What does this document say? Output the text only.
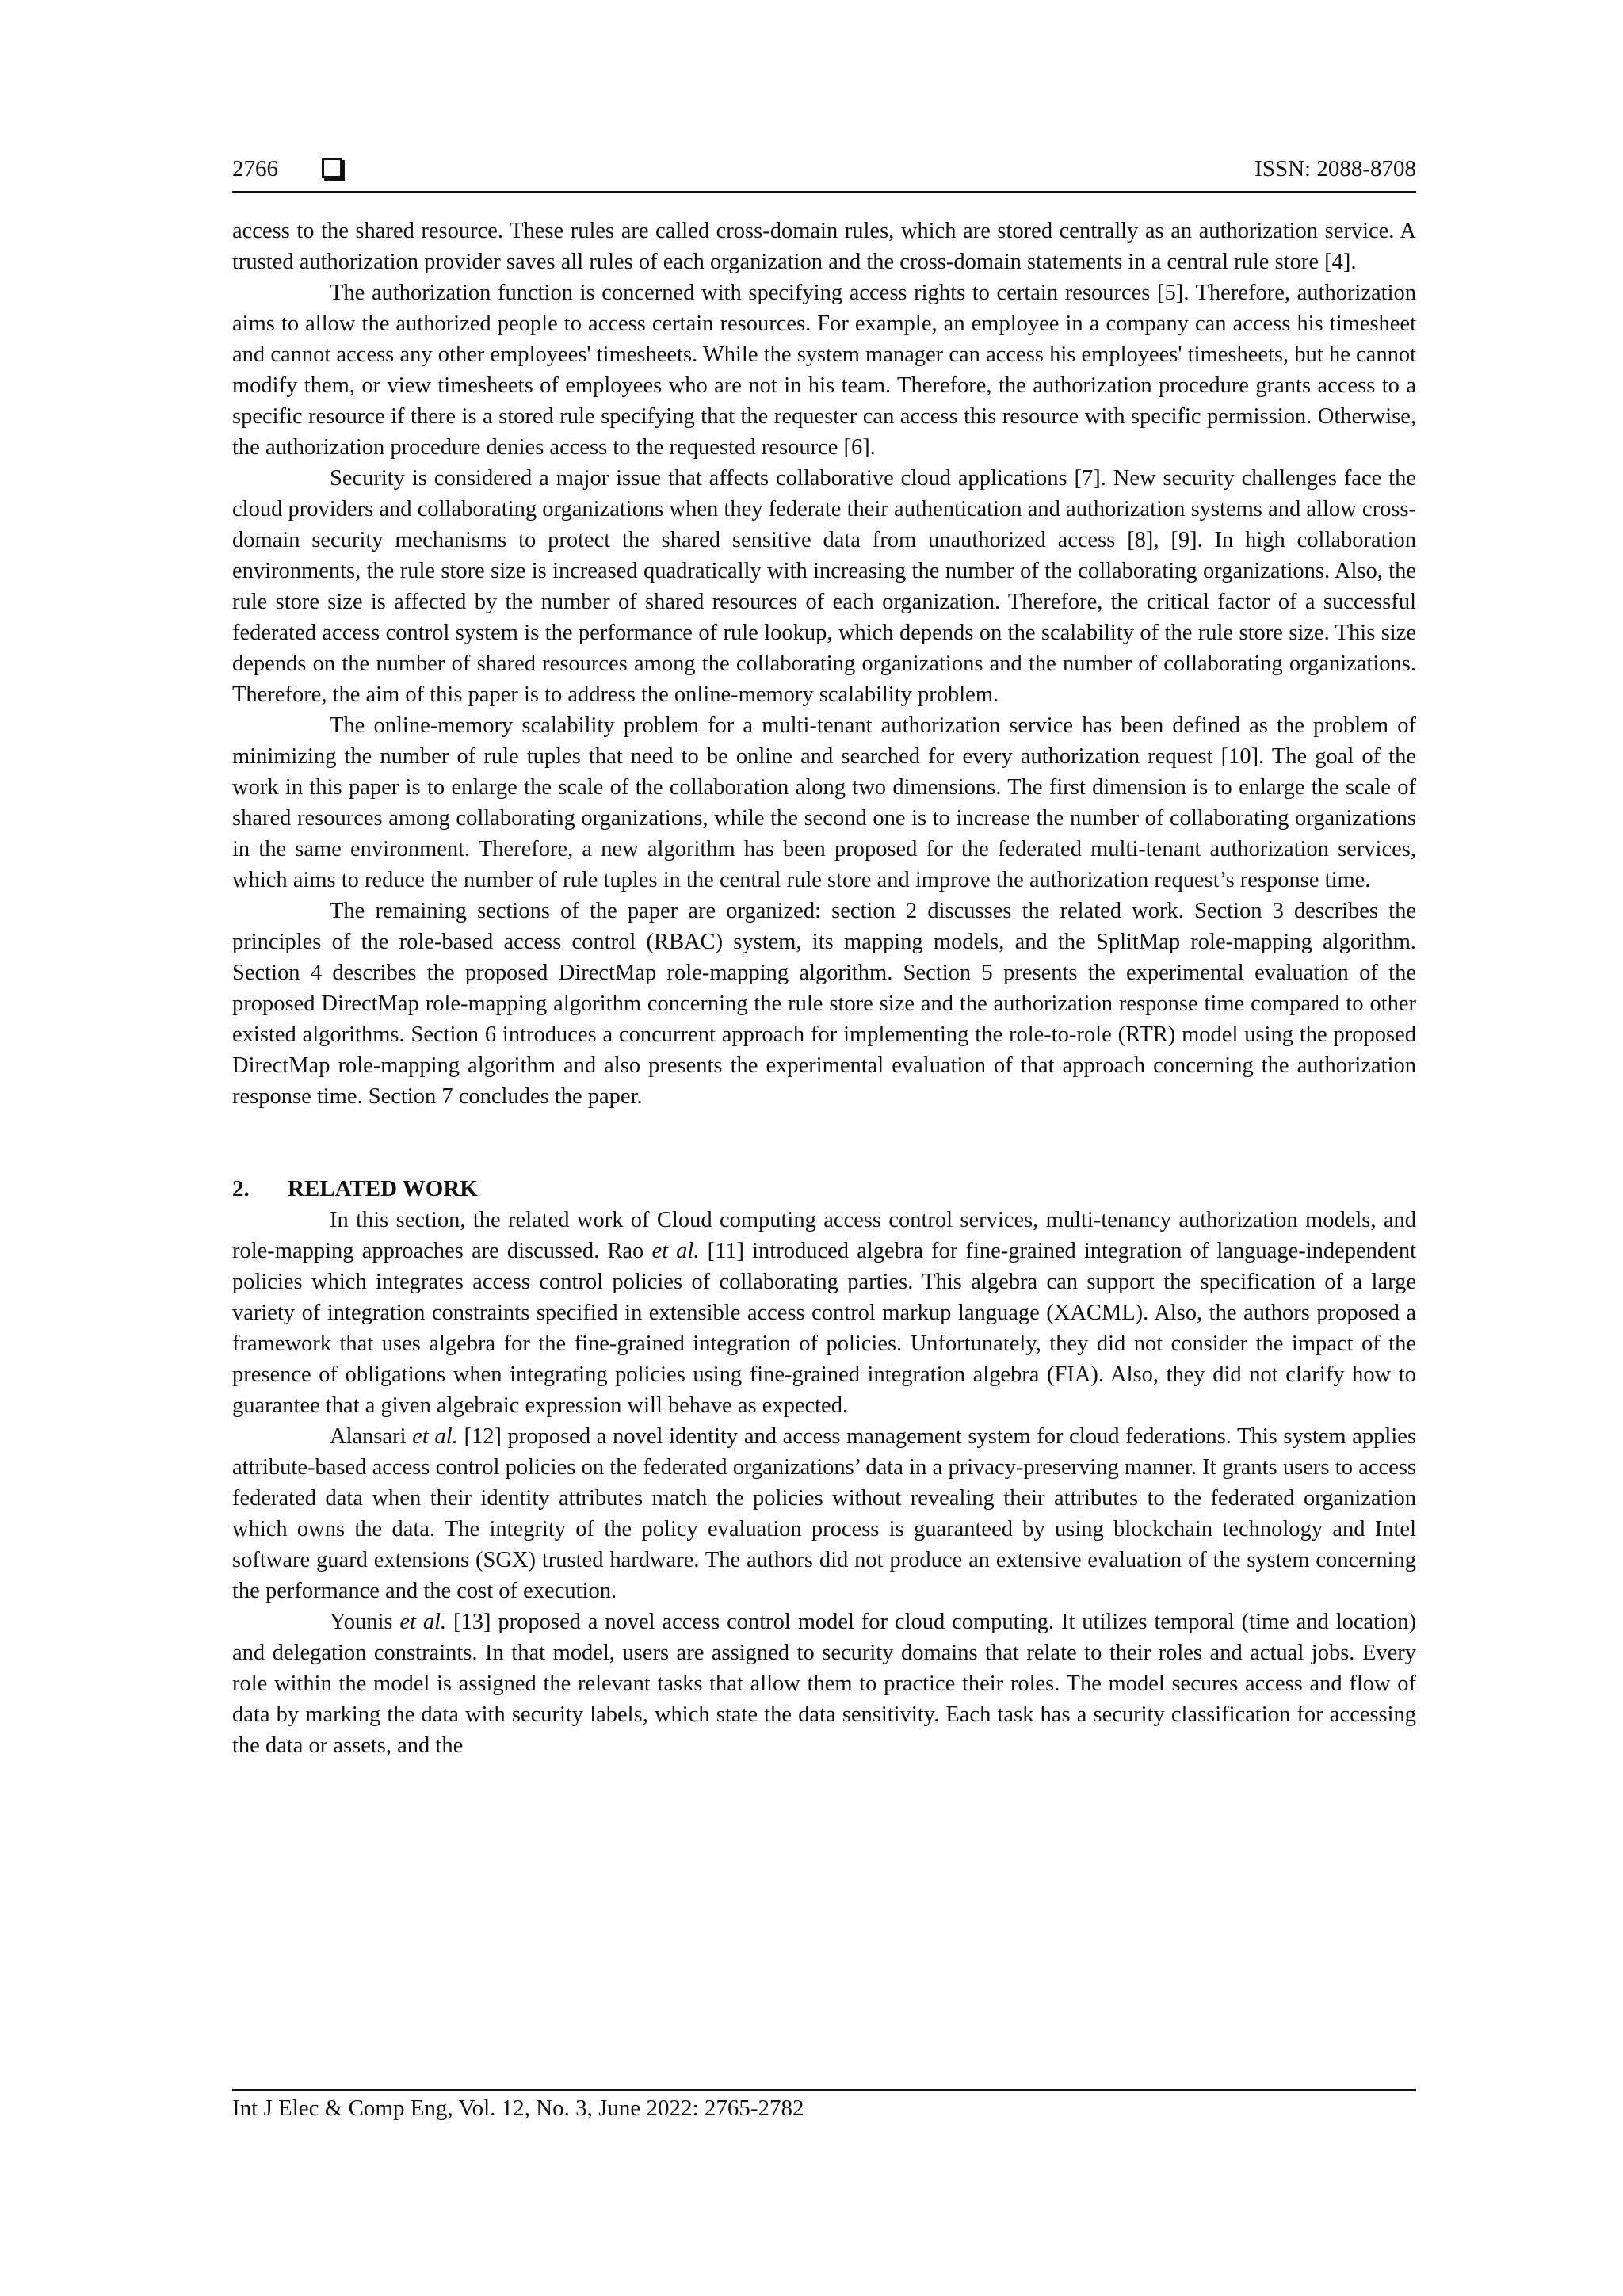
2766	ISSN: 2088-8708

access to the shared resource. These rules are called cross-domain rules, which are stored centrally as an authorization service. A trusted authorization provider saves all rules of each organization and the cross-domain statements in a central rule store [4].

The authorization function is concerned with specifying access rights to certain resources [5]. Therefore, authorization aims to allow the authorized people to access certain resources. For example, an employee in a company can access his timesheet and cannot access any other employees' timesheets. While the system manager can access his employees' timesheets, but he cannot modify them, or view timesheets of employees who are not in his team. Therefore, the authorization procedure grants access to a specific resource if there is a stored rule specifying that the requester can access this resource with specific permission. Otherwise, the authorization procedure denies access to the requested resource [6].

Security is considered a major issue that affects collaborative cloud applications [7]. New security challenges face the cloud providers and collaborating organizations when they federate their authentication and authorization systems and allow cross-domain security mechanisms to protect the shared sensitive data from unauthorized access [8], [9]. In high collaboration environments, the rule store size is increased quadratically with increasing the number of the collaborating organizations. Also, the rule store size is affected by the number of shared resources of each organization. Therefore, the critical factor of a successful federated access control system is the performance of rule lookup, which depends on the scalability of the rule store size. This size depends on the number of shared resources among the collaborating organizations and the number of collaborating organizations. Therefore, the aim of this paper is to address the online-memory scalability problem.

The online-memory scalability problem for a multi-tenant authorization service has been defined as the problem of minimizing the number of rule tuples that need to be online and searched for every authorization request [10]. The goal of the work in this paper is to enlarge the scale of the collaboration along two dimensions. The first dimension is to enlarge the scale of shared resources among collaborating organizations, while the second one is to increase the number of collaborating organizations in the same environment. Therefore, a new algorithm has been proposed for the federated multi-tenant authorization services, which aims to reduce the number of rule tuples in the central rule store and improve the authorization request’s response time.

The remaining sections of the paper are organized: section 2 discusses the related work. Section 3 describes the principles of the role-based access control (RBAC) system, its mapping models, and the SplitMap role-mapping algorithm. Section 4 describes the proposed DirectMap role-mapping algorithm. Section 5 presents the experimental evaluation of the proposed DirectMap role-mapping algorithm concerning the rule store size and the authorization response time compared to other existed algorithms. Section 6 introduces a concurrent approach for implementing the role-to-role (RTR) model using the proposed DirectMap role-mapping algorithm and also presents the experimental evaluation of that approach concerning the authorization response time. Section 7 concludes the paper.

2. RELATED WORK

In this section, the related work of Cloud computing access control services, multi-tenancy authorization models, and role-mapping approaches are discussed. Rao et al. [11] introduced algebra for fine-grained integration of language-independent policies which integrates access control policies of collaborating parties. This algebra can support the specification of a large variety of integration constraints specified in extensible access control markup language (XACML). Also, the authors proposed a framework that uses algebra for the fine-grained integration of policies. Unfortunately, they did not consider the impact of the presence of obligations when integrating policies using fine-grained integration algebra (FIA). Also, they did not clarify how to guarantee that a given algebraic expression will behave as expected.

Alansari et al. [12] proposed a novel identity and access management system for cloud federations. This system applies attribute-based access control policies on the federated organizations’ data in a privacy-preserving manner. It grants users to access federated data when their identity attributes match the policies without revealing their attributes to the federated organization which owns the data. The integrity of the policy evaluation process is guaranteed by using blockchain technology and Intel software guard extensions (SGX) trusted hardware. The authors did not produce an extensive evaluation of the system concerning the performance and the cost of execution.

Younis et al. [13] proposed a novel access control model for cloud computing. It utilizes temporal (time and location) and delegation constraints. In that model, users are assigned to security domains that relate to their roles and actual jobs. Every role within the model is assigned the relevant tasks that allow them to practice their roles. The model secures access and flow of data by marking the data with security labels, which state the data sensitivity. Each task has a security classification for accessing the data or assets, and the

Int J Elec & Comp Eng, Vol. 12, No. 3, June 2022: 2765-2782
